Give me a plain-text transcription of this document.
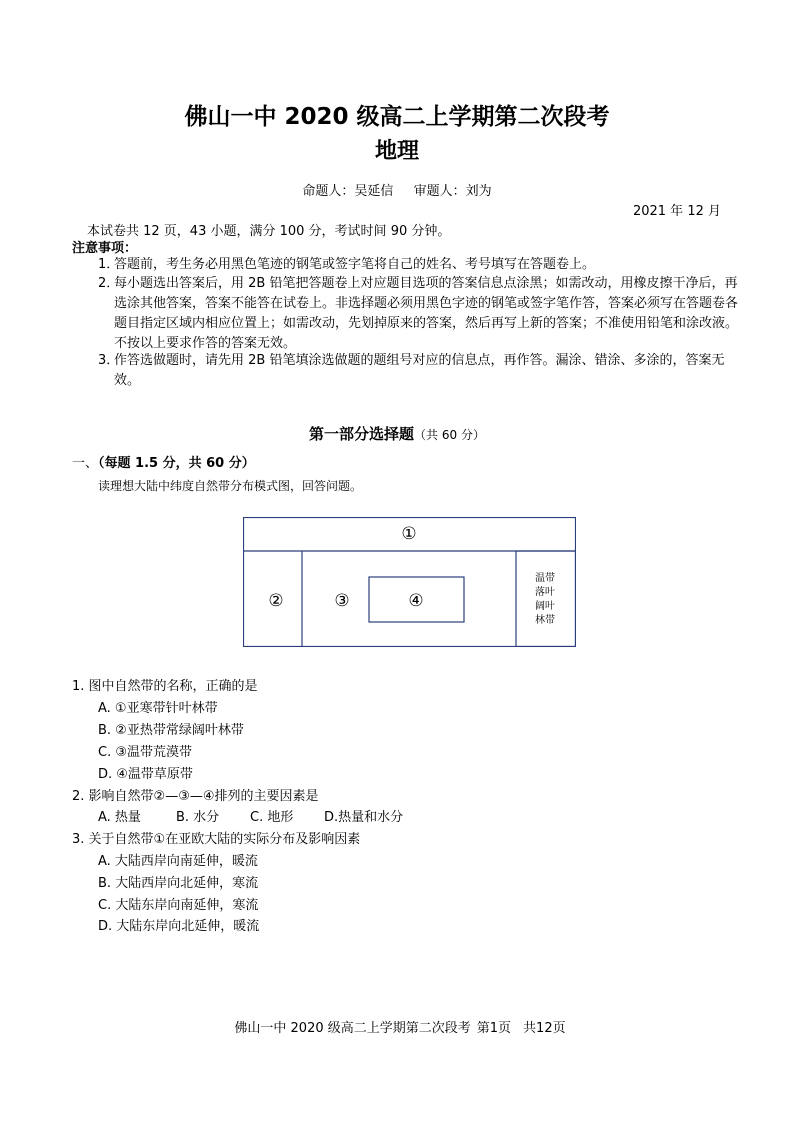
佛山一中 2020 级高二上学期第二次段考
地理
命题人：吴延信 审题人：刘为
2021 年 12 月
本试卷共 12 页，43 小题，满分 100 分，考试时间 90 分钟。
注意事项：
1．答题前，考生务必用黑色笔迹的钢笔或签字笔将自己的姓名、考号填写在答题卷上。
2．每小题选出答案后，用 2B 铅笔把答题卷上对应题目选项的答案信息点涂黑；如需改动，用橡皮擦干净后，再选涂其他答案，答案不能答在试卷上。非选择题必须用黑色字迹的钢笔或签字笔作答，答案必须写在答题卷各题目指定区域内相应位置上；如需改动，先划掉原来的答案，然后再写上新的答案；不准使用铅笔和涂改液。不按以上要求作答的答案无效。
3．作答选做题时，请先用 2B 铅笔填涂选做题的题组号对应的信息点，再作答。漏涂、错涂、多涂的，答案无效。
第一部分选择题（共 60 分）
一、（每题 1.5 分，共 60 分）
读理想大陆中纬度自然带分布模式图，回答问题。
①
②	③	④
温带
落叶
阔叶
林带
1. 图中自然带的名称，正确的是
A. ①亚寒带针叶林带
B. ②亚热带常绿阔叶林带
C. ③温带荒漠带
D. ④温带草原带
2. 影响自然带②—③—④排列的主要因素是
A. 热量	B. 水分 C. 地形 D.热量和水分
3. 关于自然带①在亚欧大陆的实际分布及影响因素
A. 大陆西岸向南延伸，暖流
B. 大陆西岸向北延伸，寒流
C. 大陆东岸向南延伸，寒流
D. 大陆东岸向北延伸，暖流
佛山一中 2020 级高二上学期第二次段考 第1页 共12页
